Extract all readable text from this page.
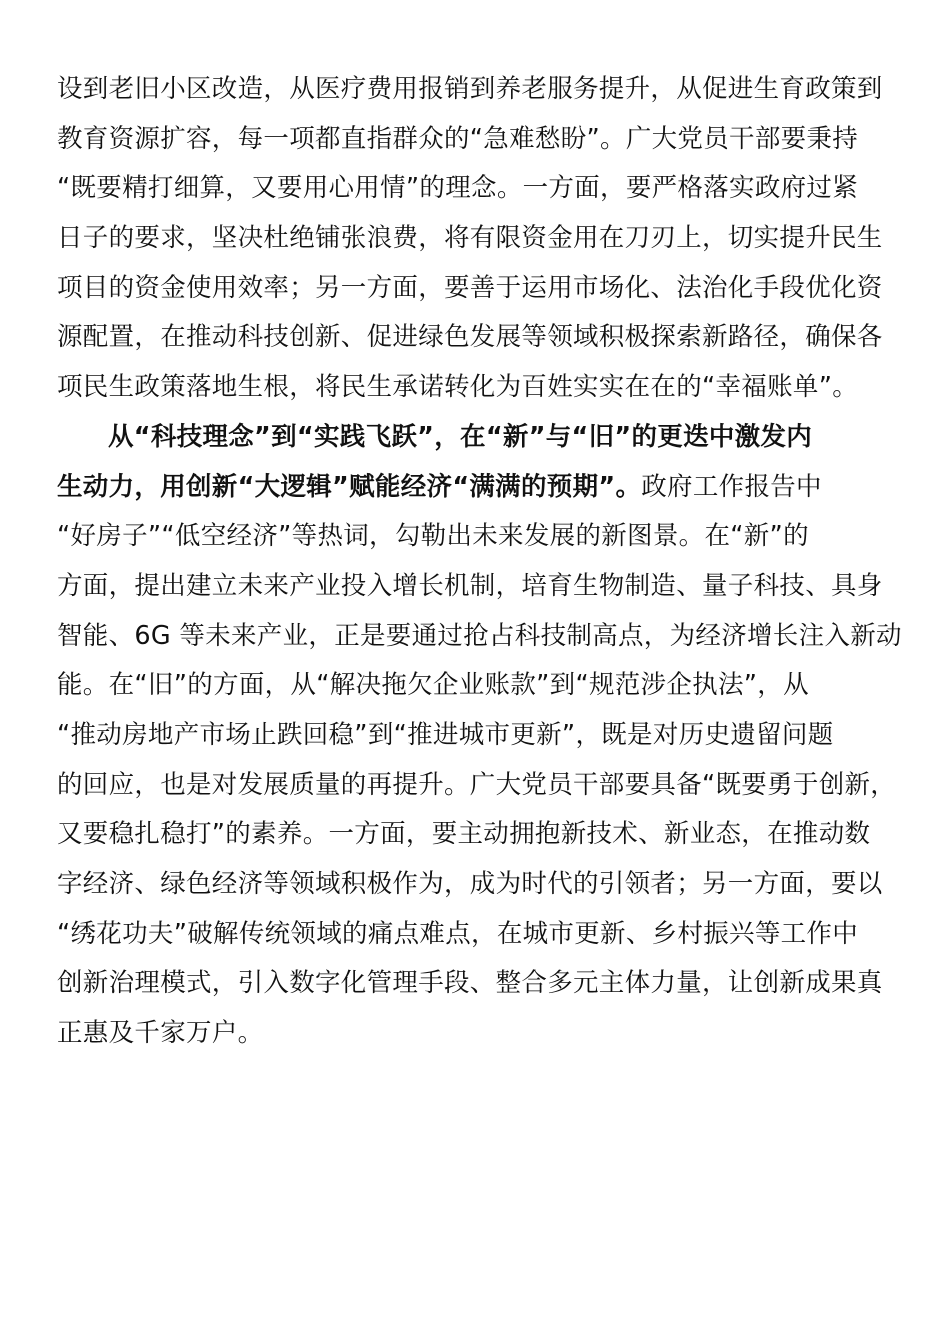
设到老旧小区改造，从医疗费用报销到养老服务提升，从促进生育政策到
教育资源扩容，每一项都直指群众的“急难愁盼”。广大党员干部要秉持
“既要精打细算，又要用心用情”的理念。一方面，要严格落实政府过紧
日子的要求，坚决杜绝铺张浪费，将有限资金用在刀刃上，切实提升民生
项目的资金使用效率；另一方面，要善于运用市场化、法治化手段优化资
源配置，在推动科技创新、促进绿色发展等领域积极探索新路径，确保各
项民生政策落地生根，将民生承诺转化为百姓实实在在的“幸福账单”。
从“科技理念”到“实践飞跃”，在“新”与“旧”的更迭中激发内
生动力，用创新“大逻辑”赋能经济“满满的预期”。政府工作报告中
“好房子”“低空经济”等热词，勾勒出未来发展的新图景。在“新”的
方面，提出建立未来产业投入增长机制，培育生物制造、量子科技、具身
智能、6G 等未来产业，正是要通过抢占科技制高点，为经济增长注入新动
能。在“旧”的方面，从“解决拖欠企业账款”到“规范涉企执法”，从
“推动房地产市场止跌回稳”到“推进城市更新”，既是对历史遗留问题
的回应，也是对发展质量的再提升。广大党员干部要具备“既要勇于创新，
又要稳扎稳打”的素养。一方面，要主动拥抱新技术、新业态，在推动数
字经济、绿色经济等领域积极作为，成为时代的引领者；另一方面，要以
“绣花功夫”破解传统领域的痛点难点，在城市更新、乡村振兴等工作中
创新治理模式，引入数字化管理手段、整合多元主体力量，让创新成果真
正惠及千家万户。
